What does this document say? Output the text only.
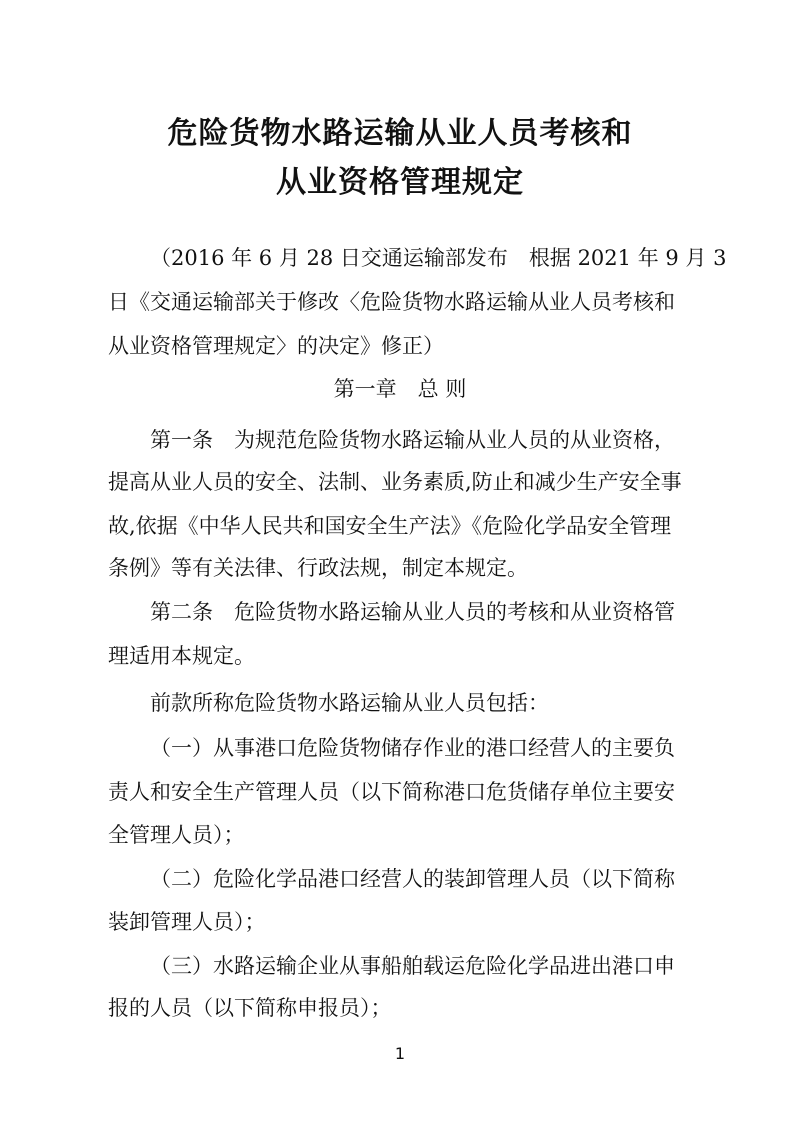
危险货物水路运输从业人员考核和
从业资格管理规定
（2016 年 6 月 28 日交通运输部发布　根据 2021 年 9 月 3
日《交通运输部关于修改〈危险货物水路运输从业人员考核和
从业资格管理规定〉的决定》修正）
第一章　总 则
第一条　为规范危险货物水路运输从业人员的从业资格，
提高从业人员的安全、法制、业务素质,防止和减少生产安全事
故,依据《中华人民共和国安全生产法》《危险化学品安全管理
条例》等有关法律、行政法规，制定本规定。
第二条　危险货物水路运输从业人员的考核和从业资格管
理适用本规定。
前款所称危险货物水路运输从业人员包括：
（一）从事港口危险货物储存作业的港口经营人的主要负
责人和安全生产管理人员（以下简称港口危货储存单位主要安
全管理人员）；
（二）危险化学品港口经营人的装卸管理人员（以下简称
装卸管理人员）；
（三）水路运输企业从事船舶载运危险化学品进出港口申
报的人员（以下简称申报员）；
1
